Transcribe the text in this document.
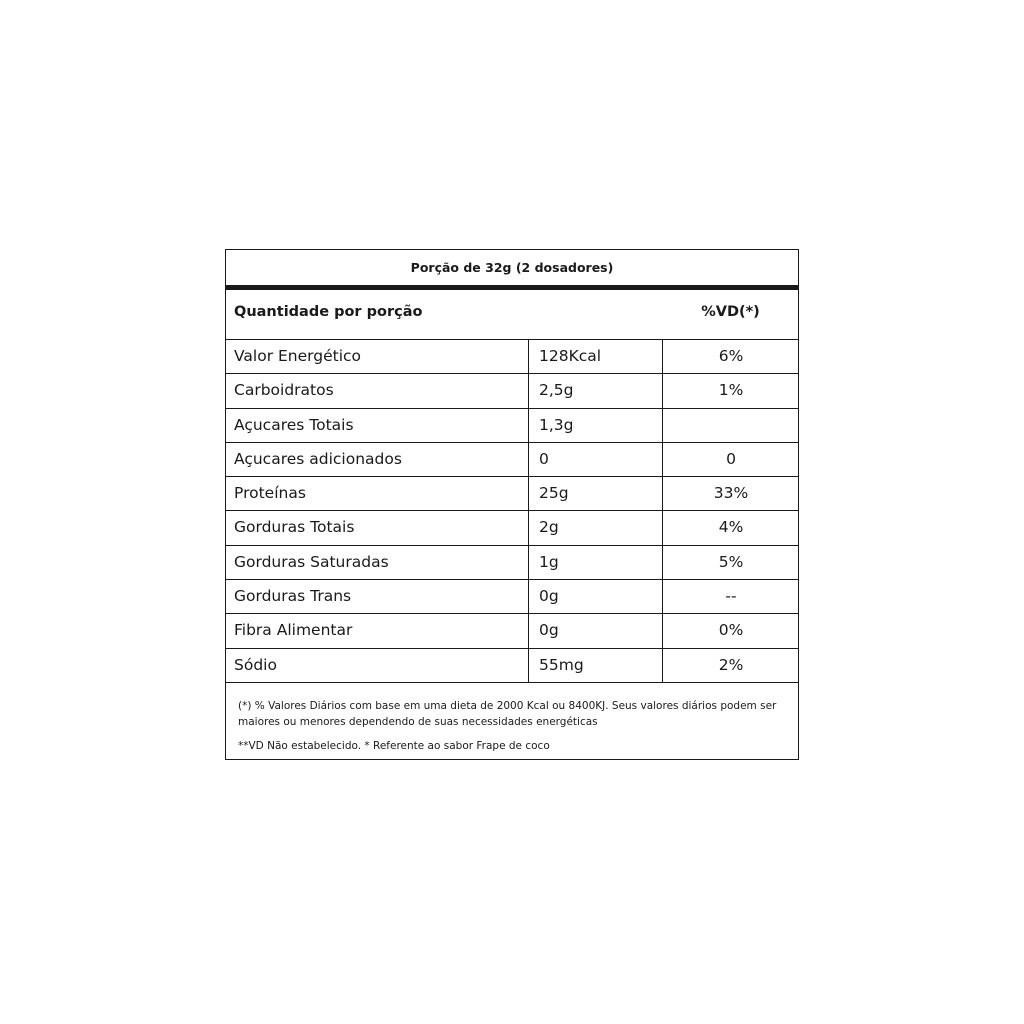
Porção de 32g (2 dosadores)
Quantidade por porção	%VD(*)
Valor Energético	128Kcal	6%
Carboidratos	2,5g	1%
Açucares Totais	1,3g
Açucares adicionados	0	0
Proteínas	25g	33%
Gorduras Totais	2g	4%
Gorduras Saturadas	1g	5%
Gorduras Trans	0g	--
Fibra Alimentar	0g	0%
Sódio	55mg	2%
(*) % Valores Diários com base em uma dieta de 2000 Kcal ou 8400KJ. Seus valores diários podem ser maiores ou menores dependendo de suas necessidades energéticas
**VD Não estabelecido. * Referente ao sabor Frape de coco
